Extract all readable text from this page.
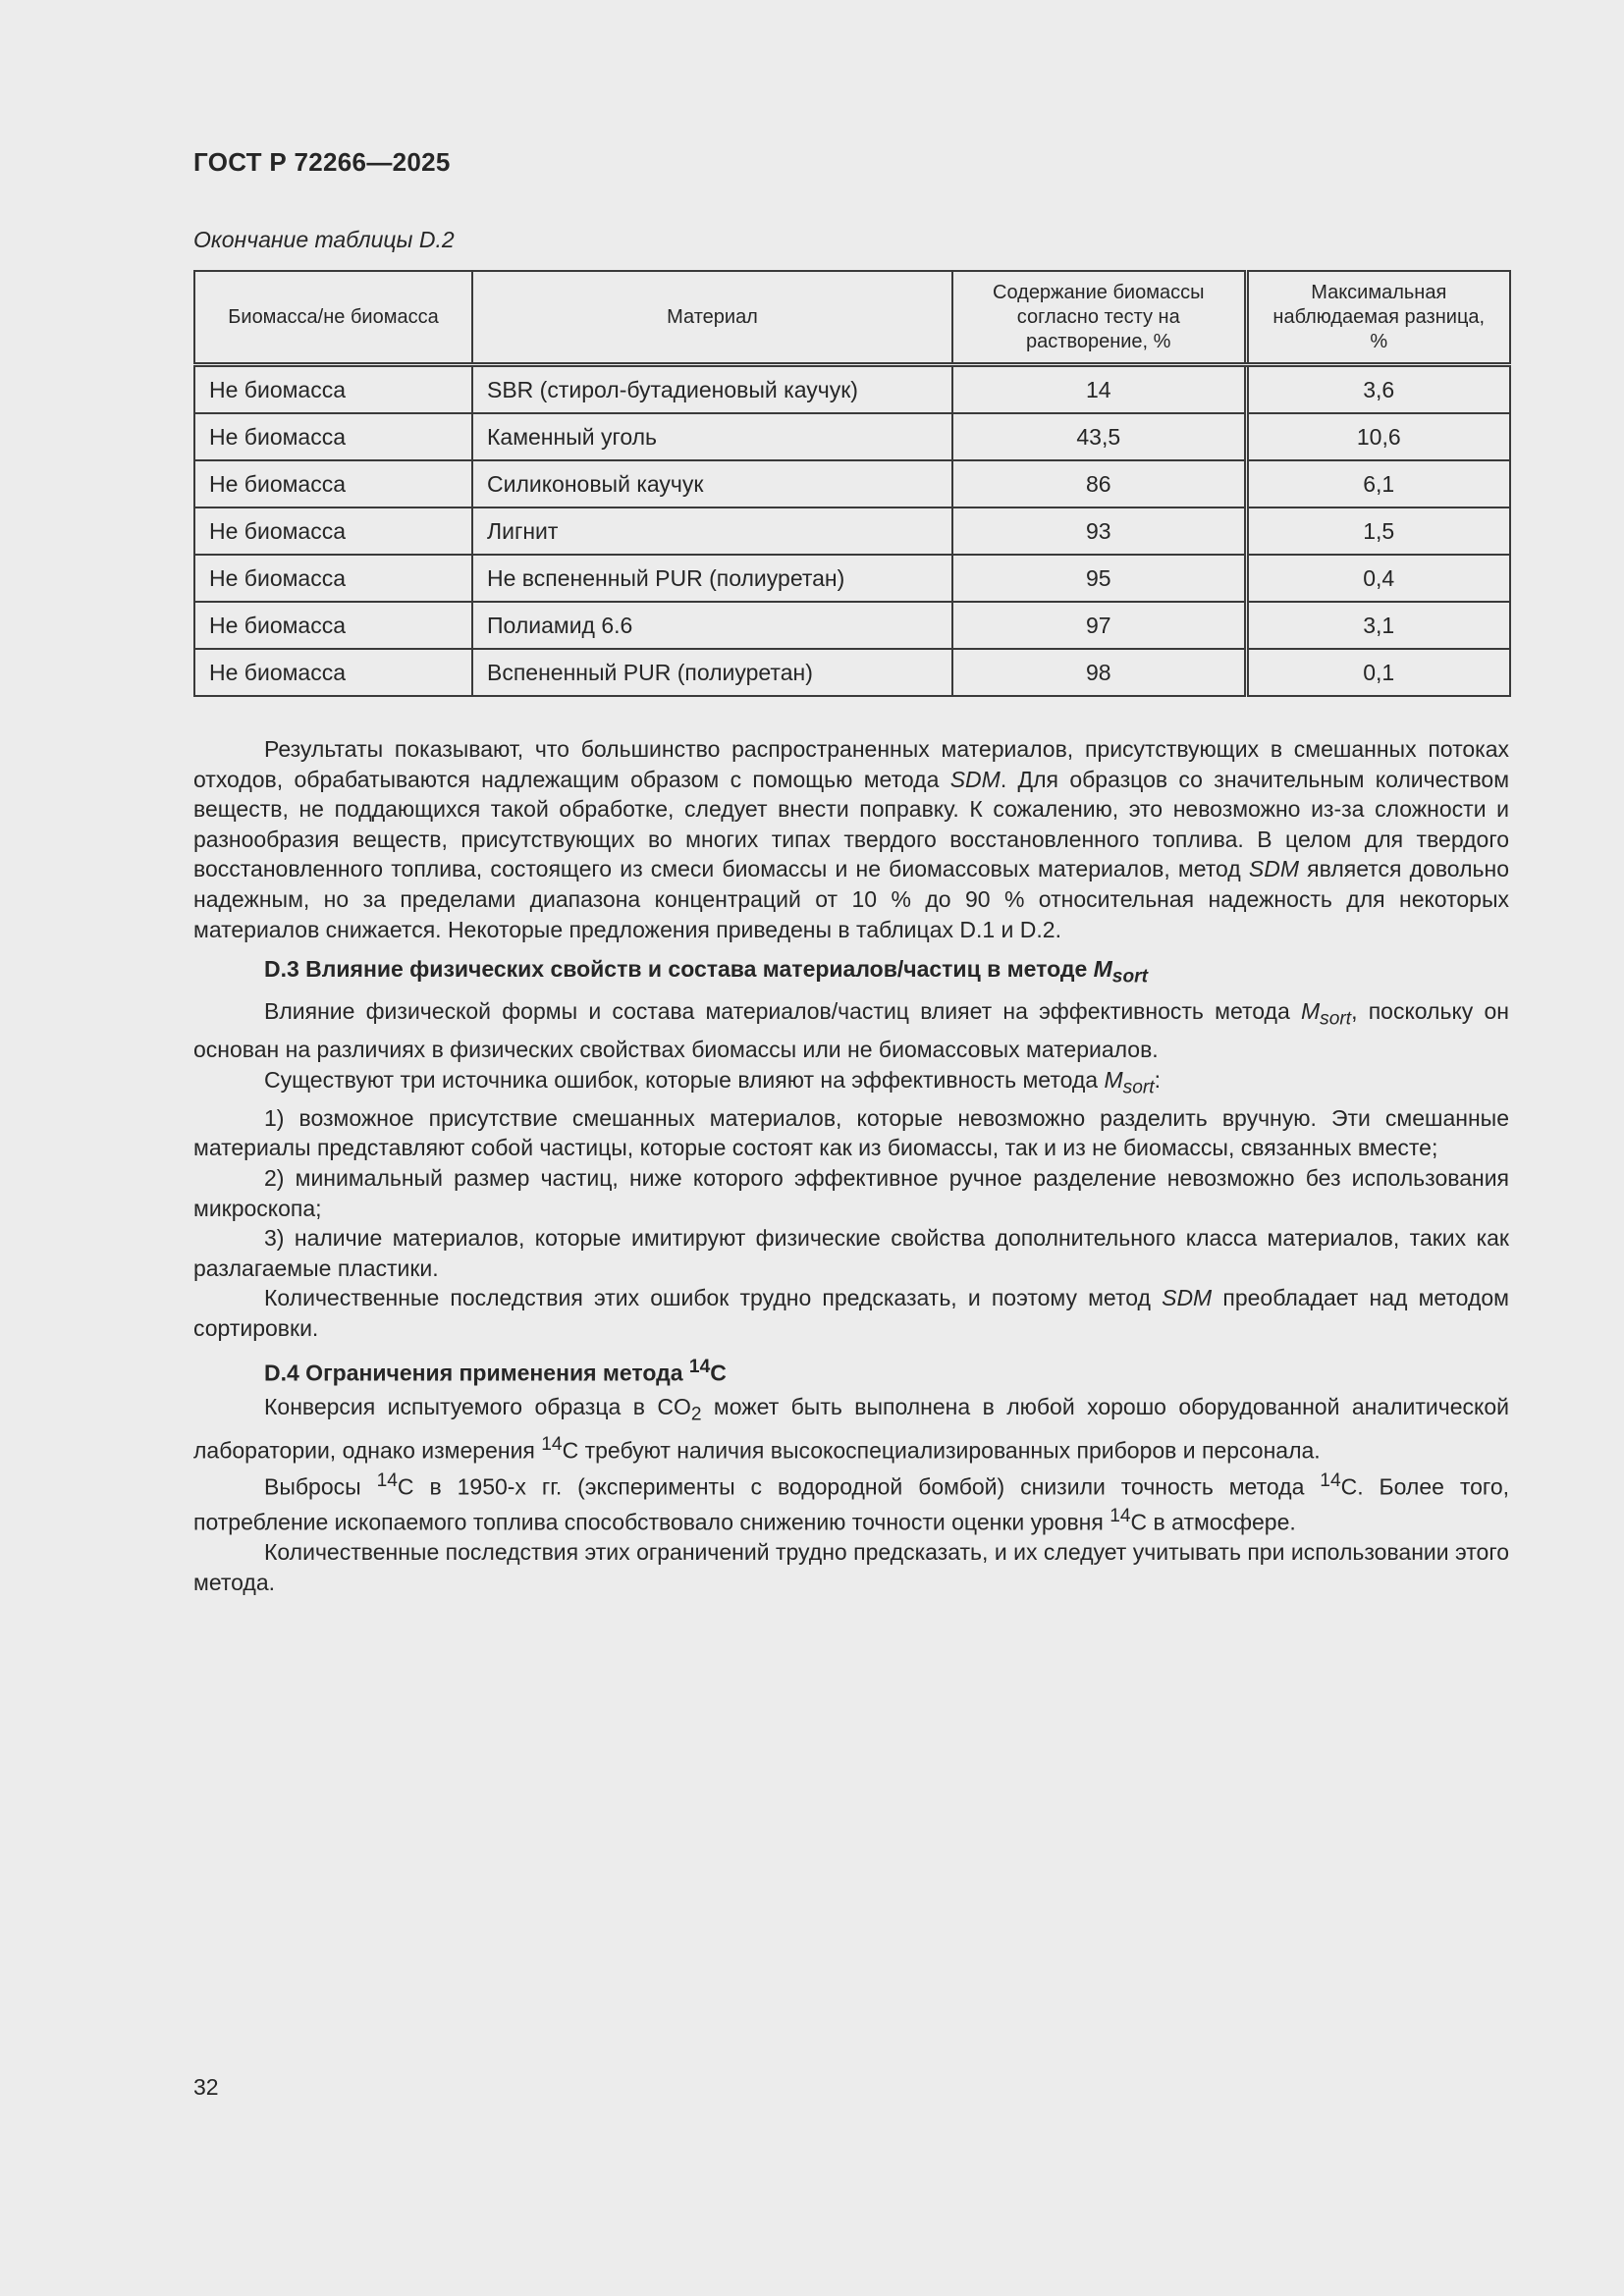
ГОСТ Р 72266—2025
Окончание таблицы D.2
Биомасса/не биомасса	Материал	Содержание биомассы согласно тесту на растворение, %	Максимальная наблюдаемая разница, %
Не биомасса	SBR (стирол-бутадиеновый каучук)	14	3,6
Не биомасса	Каменный уголь	43,5	10,6
Не биомасса	Силиконовый каучук	86	6,1
Не биомасса	Лигнит	93	1,5
Не биомасса	Не вспененный PUR (полиуретан)	95	0,4
Не биомасса	Полиамид 6.6	97	3,1
Не биомасса	Вспененный PUR (полиуретан)	98	0,1

Результаты показывают, что большинство распространенных материалов, присутствующих в смешанных потоках отходов, обрабатываются надлежащим образом с помощью метода SDM. Для образцов со значительным количеством веществ, не поддающихся такой обработке, следует внести поправку. К сожалению, это невозможно из-за сложности и разнообразия веществ, присутствующих во многих типах твердого восстановленного топлива. В целом для твердого восстановленного топлива, состоящего из смеси биомассы и не биомассовых материалов, метод SDM является довольно надежным, но за пределами диапазона концентраций от 10 % до 90 % относительная надежность для некоторых материалов снижается. Некоторые предложения приведены в таблицах D.1 и D.2.

D.3 Влияние физических свойств и состава материалов/частиц в методе $M_{sort}$

Влияние физической формы и состава материалов/частиц влияет на эффективность метода $M_{sort}$, поскольку он основан на различиях в физических свойствах биомассы или не биомассовых материалов.

Существуют три источника ошибок, которые влияют на эффективность метода $M_{sort}$:

1) возможное присутствие смешанных материалов, которые невозможно разделить вручную. Эти смешанные материалы представляют собой частицы, которые состоят как из биомассы, так и из не биомассы, связанных вместе;

2) минимальный размер частиц, ниже которого эффективное ручное разделение невозможно без использования микроскопа;

3) наличие материалов, которые имитируют физические свойства дополнительного класса материалов, таких как разлагаемые пластики.

Количественные последствия этих ошибок трудно предсказать, и поэтому метод SDM преобладает над методом сортировки.

D.4 Ограничения применения метода $^{14}$C

Конверсия испытуемого образца в $CO_2$ может быть выполнена в любой хорошо оборудованной аналитической лаборатории, однако измерения $^{14}$C требуют наличия высокоспециализированных приборов и персонала.

Выбросы $^{14}$C в 1950-х гг. (эксперименты с водородной бомбой) снизили точность метода $^{14}$C. Более того, потребление ископаемого топлива способствовало снижению точности оценки уровня $^{14}$C в атмосфере.

Количественные последствия этих ограничений трудно предсказать, и их следует учитывать при использовании этого метода.

32
